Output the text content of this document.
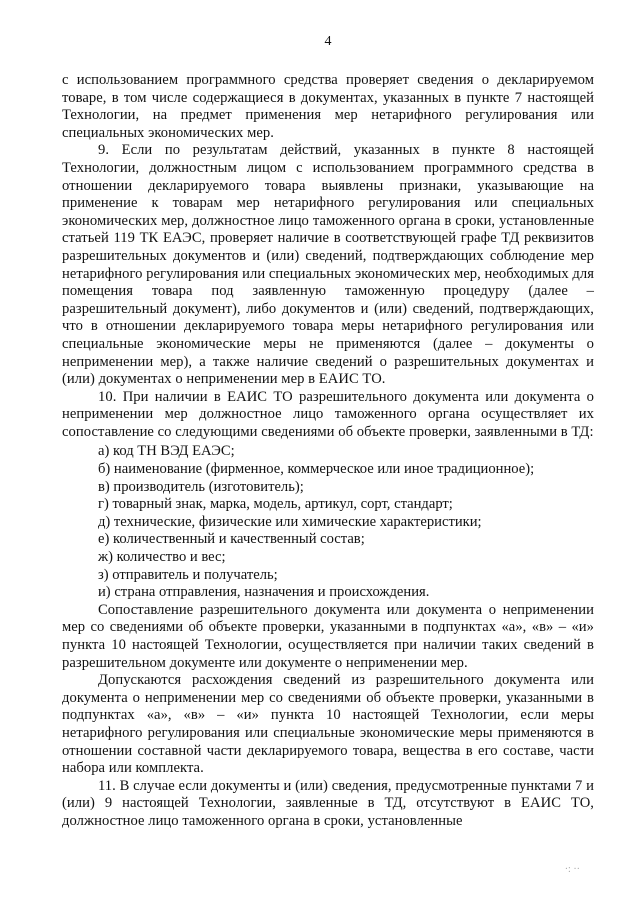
4

с использованием программного средства проверяет сведения о декларируемом товаре, в том числе содержащиеся в документах, указанных в пункте 7 настоящей Технологии, на предмет применения мер нетарифного регулирования или специальных экономических мер.

9. Если по результатам действий, указанных в пункте 8 настоящей Технологии, должностным лицом с использованием программного средства в отношении декларируемого товара выявлены признаки, указывающие на применение к товарам мер нетарифного регулирования или специальных экономических мер, должностное лицо таможенного органа в сроки, установленные статьей 119 ТК ЕАЭС, проверяет наличие в соответствующей графе ТД реквизитов разрешительных документов и (или) сведений, подтверждающих соблюдение мер нетарифного регулирования или специальных экономических мер, необходимых для помещения товара под заявленную таможенную процедуру (далее – разрешительный документ), либо документов и (или) сведений, подтверждающих, что в отношении декларируемого товара меры нетарифного регулирования или специальные экономические меры не применяются (далее – документы о неприменении мер), а также наличие сведений о разрешительных документах и (или) документах о неприменении мер в ЕАИС ТО.

10. При наличии в ЕАИС ТО разрешительного документа или документа о неприменении мер должностное лицо таможенного органа осуществляет их сопоставление со следующими сведениями об объекте проверки, заявленными в ТД:

а) код ТН ВЭД ЕАЭС;
б) наименование (фирменное, коммерческое или иное традиционное);
в) производитель (изготовитель);
г) товарный знак, марка, модель, артикул, сорт, стандарт;
д) технические, физические или химические характеристики;
е) количественный и качественный состав;
ж) количество и вес;
з) отправитель и получатель;
и) страна отправления, назначения и происхождения.

Сопоставление разрешительного документа или документа о неприменении мер со сведениями об объекте проверки, указанными в подпунктах «а», «в» – «и» пункта 10 настоящей Технологии, осуществляется при наличии таких сведений в разрешительном документе или документе о неприменении мер.

Допускаются расхождения сведений из разрешительного документа или документа о неприменении мер со сведениями об объекте проверки, указанными в подпунктах «а», «в» – «и» пункта 10 настоящей Технологии, если меры нетарифного регулирования или специальные экономические меры применяются в отношении составной части декларируемого товара, вещества в его составе, части набора или комплекта.

11. В случае если документы и (или) сведения, предусмотренные пунктами 7 и (или) 9 настоящей Технологии, заявленные в ТД, отсутствуют в ЕАИС ТО, должностное лицо таможенного органа в сроки, установленные

·: ··
